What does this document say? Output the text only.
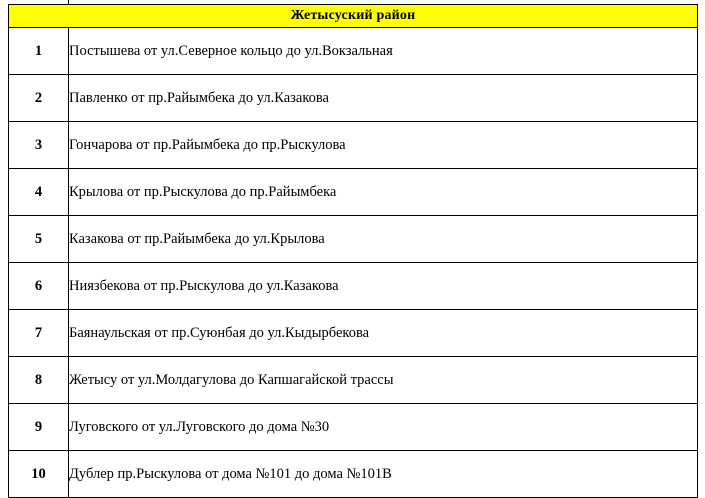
Жетысуский район	
1	Постышева от ул.Северное кольцо до ул.Вокзальная
2	Павленко от пр.Райымбека до ул.Казакова
3	Гончарова от пр.Райымбека до пр.Рыскулова
4	Крылова от пр.Рыскулова до пр.Райымбека
5	Казакова от пр.Райымбека до ул.Крылова
6	Ниязбекова от пр.Рыскулова до ул.Казакова
7	Баянаульская от пр.Суюнбая до ул.Кыдырбекова
8	Жетысу от ул.Молдагулова до Капшагайской трассы
9	Луговского от ул.Луговского до дома №30
10	Дублер пр.Рыскулова от дома №101 до дома №101В
